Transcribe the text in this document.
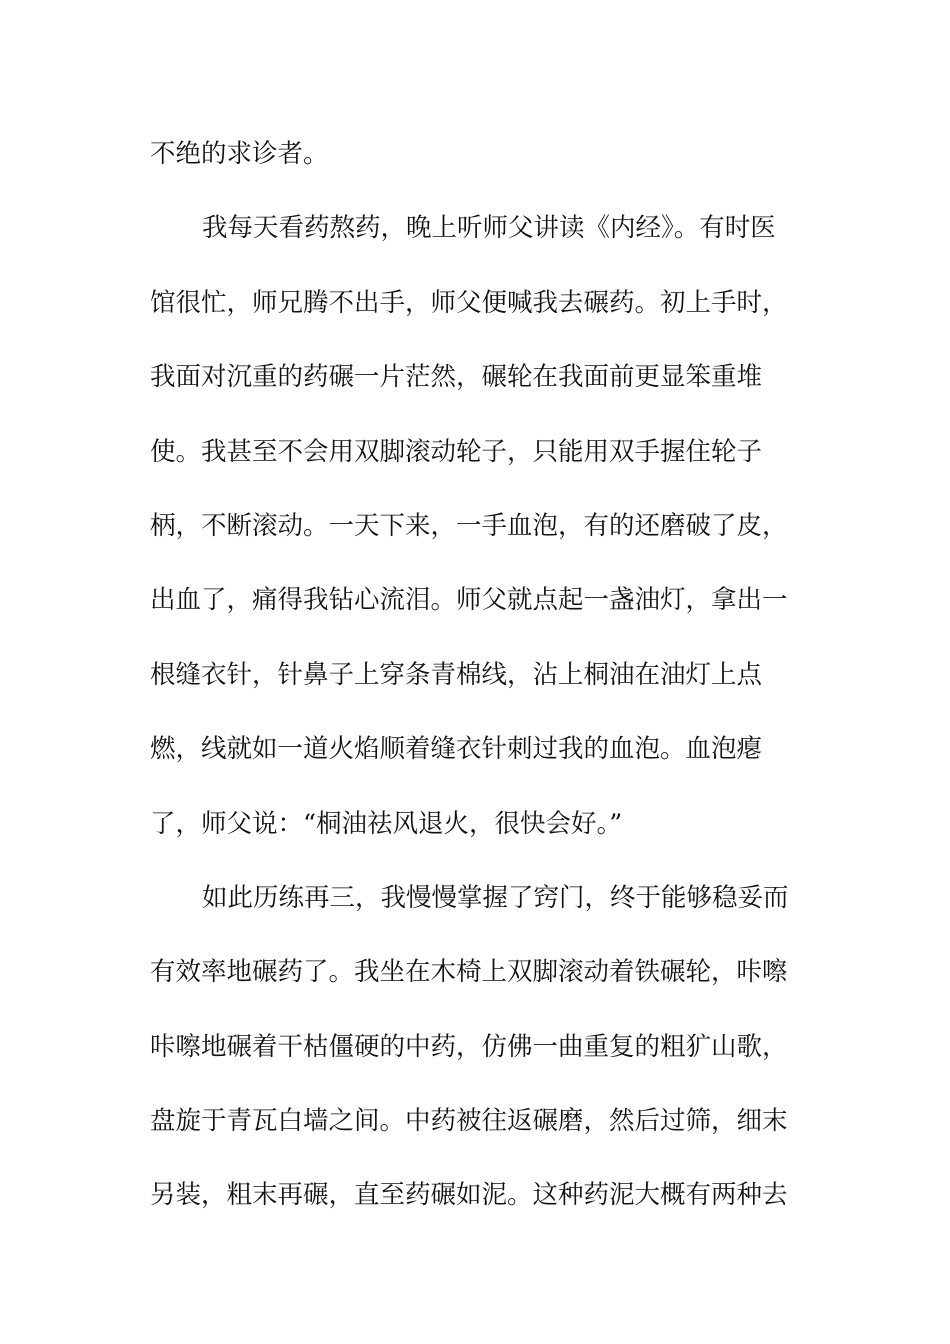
不绝的求诊者。
我每天看药熬药，晚上听师父讲读《内经》。有时医
馆很忙，师兄腾不出手，师父便喊我去碾药。初上手时，
我面对沉重的药碾一片茫然，碾轮在我面前更显笨重堆
使。我甚至不会用双脚滚动轮子，只能用双手握住轮子
柄，不断滚动。一天下来，一手血泡，有的还磨破了皮，
出血了，痛得我钻心流泪。师父就点起一盏油灯，拿出一
根缝衣针，针鼻子上穿条青棉线，沾上桐油在油灯上点
燃，线就如一道火焰顺着缝衣针刺过我的血泡。血泡瘪
了，师父说：“桐油祛风退火，很快会好。”
如此历练再三，我慢慢掌握了窍门，终于能够稳妥而
有效率地碾药了。我坐在木椅上双脚滚动着铁碾轮，咔嚓
咔嚓地碾着干枯僵硬的中药，仿佛一曲重复的粗犷山歌，
盘旋于青瓦白墙之间。中药被往返碾磨，然后过筛，细末
另装，粗末再碾，直至药碾如泥。这种药泥大概有两种去
